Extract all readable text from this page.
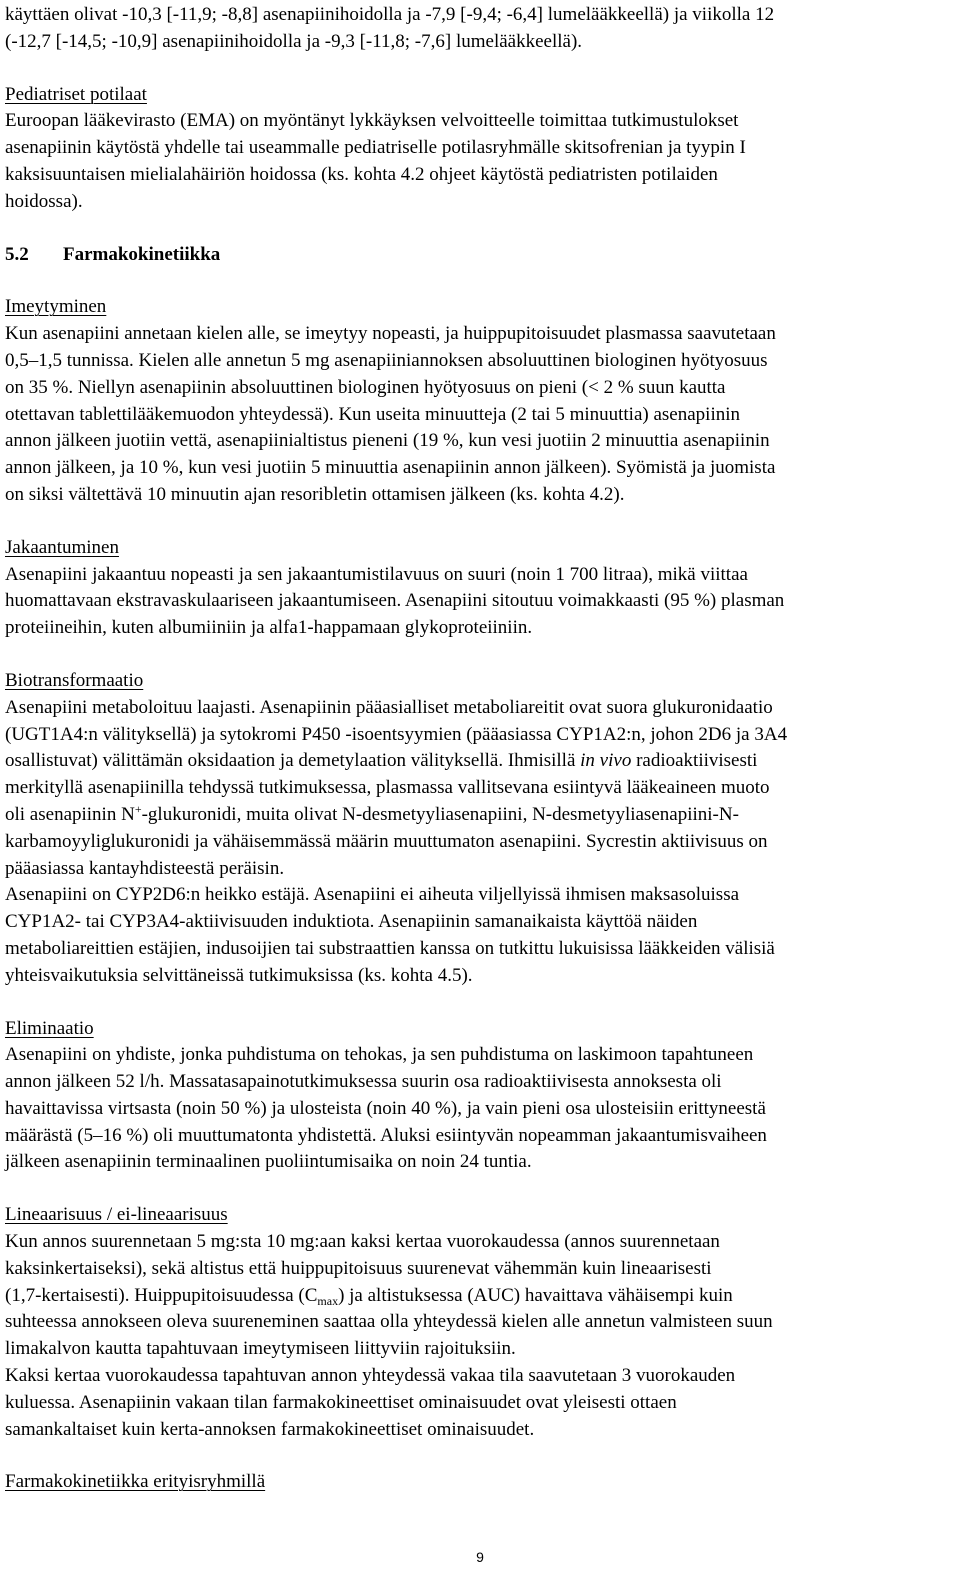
käyttäen olivat -10,3 [-11,9; -8,8] asenapiinihoidolla ja -7,9 [-9,4; -6,4] lumelääkkeellä) ja viikolla 12

(-12,7 [-14,5; -10,9] asenapiinihoidolla ja -9,3 [-11,8; -7,6] lumelääkkeellä).

Pediatriset potilaat

Euroopan lääkevirasto (EMA) on myöntänyt lykkäyksen velvoitteelle toimittaa tutkimustulokset

asenapiinin käytöstä yhdelle tai useammalle pediatriselle potilasryhmälle skitsofrenian ja tyypin I

kaksisuuntaisen mielialahäiriön hoidossa (ks. kohta 4.2 ohjeet käytöstä pediatristen potilaiden

hoidossa).

5.2 Farmakokinetiikka

Imeytyminen

Kun asenapiini annetaan kielen alle, se imeytyy nopeasti, ja huippupitoisuudet plasmassa saavutetaan

0,5–1,5 tunnissa. Kielen alle annetun 5 mg asenapiiniannoksen absoluuttinen biologinen hyötyosuus

on 35 %. Niellyn asenapiinin absoluuttinen biologinen hyötyosuus on pieni (< 2 % suun kautta

otettavan tablettilääkemuodon yhteydessä). Kun useita minuutteja (2 tai 5 minuuttia) asenapiinin

annon jälkeen juotiin vettä, asenapiinialtistus pieneni (19 %, kun vesi juotiin 2 minuuttia asenapiinin

annon jälkeen, ja 10 %, kun vesi juotiin 5 minuuttia asenapiinin annon jälkeen). Syömistä ja juomista

on siksi vältettävä 10 minuutin ajan resoribletin ottamisen jälkeen (ks. kohta 4.2).

Jakaantuminen

Asenapiini jakaantuu nopeasti ja sen jakaantumistilavuus on suuri (noin 1 700 litraa), mikä viittaa

huomattavaan ekstravaskulaariseen jakaantumiseen. Asenapiini sitoutuu voimakkaasti (95 %) plasman

proteiineihin, kuten albumiiniin ja alfa1-happamaan glykoproteiiniin.

Biotransformaatio

Asenapiini metaboloituu laajasti. Asenapiinin pääasialliset metaboliareitit ovat suora glukuronidaatio

(UGT1A4:n välityksellä) ja sytokromi P450 -isoentsyymien (pääasiassa CYP1A2:n, johon 2D6 ja 3A4

osallistuvat) välittämän oksidaation ja demetylaation välityksellä. Ihmisillä in vivo radioaktiivisesti

merkityllä asenapiinilla tehdyssä tutkimuksessa, plasmassa vallitsevana esiintyvä lääkeaineen muoto

oli asenapiinin N+-glukuronidi, muita olivat N-desmetyyliasenapiini, N-desmetyyliasenapiini-N-

karbamoyyliglukuronidi ja vähäisemmässä määrin muuttumaton asenapiini. Sycrestin aktiivisuus on

pääasiassa kantayhdisteestä peräisin.

Asenapiini on CYP2D6:n heikko estäjä. Asenapiini ei aiheuta viljellyissä ihmisen maksasoluissa

CYP1A2- tai CYP3A4-aktiivisuuden induktiota. Asenapiinin samanaikaista käyttöä näiden

metaboliareittien estäjien, indusoijien tai substraattien kanssa on tutkittu lukuisissa lääkkeiden välisiä

yhteisvaikutuksia selvittäneissä tutkimuksissa (ks. kohta 4.5).

Eliminaatio

Asenapiini on yhdiste, jonka puhdistuma on tehokas, ja sen puhdistuma on laskimoon tapahtuneen

annon jälkeen 52 l/h. Massatasapainotutkimuksessa suurin osa radioaktiivisesta annoksesta oli

havaittavissa virtsasta (noin 50 %) ja ulosteista (noin 40 %), ja vain pieni osa ulosteisiin erittyneestä

määrästä (5–16 %) oli muuttumatonta yhdistettä. Aluksi esiintyvän nopeamman jakaantumisvaiheen

jälkeen asenapiinin terminaalinen puoliintumisaika on noin 24 tuntia.

Lineaarisuus / ei-lineaarisuus

Kun annos suurennetaan 5 mg:sta 10 mg:aan kaksi kertaa vuorokaudessa (annos suurennetaan

kaksinkertaiseksi), sekä altistus että huippupitoisuus suurenevat vähemmän kuin lineaarisesti

(1,7-kertaisesti). Huippupitoisuudessa $(C_{max})$ ja altistuksessa (AUC) havaittava vähäisempi kuin

suhteessa annokseen oleva suureneminen saattaa olla yhteydessä kielen alle annetun valmisteen suun

limakalvon kautta tapahtuvaan imeytymiseen liittyviin rajoituksiin.

Kaksi kertaa vuorokaudessa tapahtuvan annon yhteydessä vakaa tila saavutetaan 3 vuorokauden

kuluessa. Asenapiinin vakaan tilan farmakokineettiset ominaisuudet ovat yleisesti ottaen

samankaltaiset kuin kerta-annoksen farmakokineettiset ominaisuudet.

Farmakokinetiikka erityisryhmillä

9
